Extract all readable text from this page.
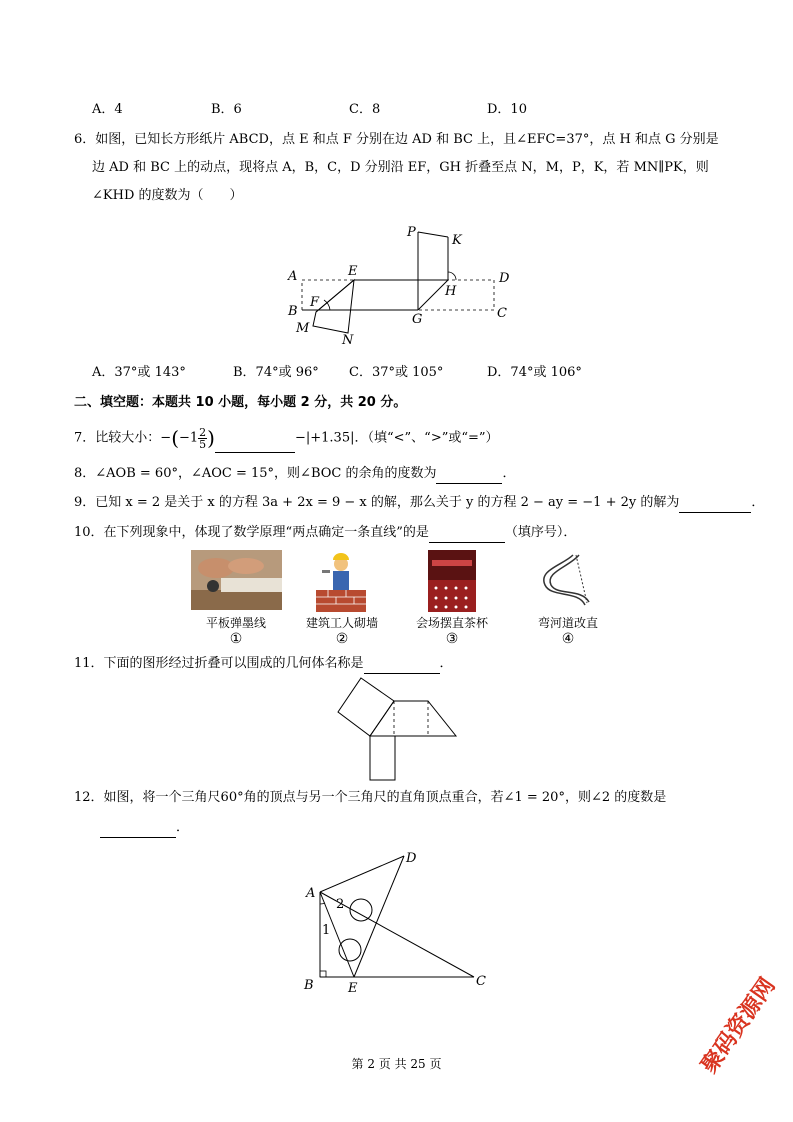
A．4	B．6	C．8	D．10
6．如图，已知长方形纸片 ABCD，点 E 和点 F 分别在边 AD 和 BC 上，且∠EFC=37°，点 H 和点 G 分别是
边 AD 和 BC 上的动点，现将点 A，B，C，D 分别沿 EF，GH 折叠至点 N，M，P，K，若 MN∥PK，则
∠KHD 的度数为（　　）
P
K
A	E	D
H
B
F
G	C
M
N
A．37°或 143°	B．74°或 96° C．37°或 105°	D．74°或 106°
二、填空题：本题共 10 小题，每小题 2 分，共 20 分。
7．比较大小：$-(-1 \frac{2}{5}$ )	−|+1.35|．（填“<”、“>”或“=”）
8．∠AOB = 60°，∠AOC = 15°，则∠BOC 的余角的度数为	．
9．已知 x = 2 是关于 x 的方程 3a + 2x = 9 − x 的解，那么关于 y 的方程 2 − ay = −1 + 2y 的解为	．
10．在下列现象中，体现了数学原理“两点确定一条直线”的是	（填序号）．
平板弹墨线	建筑工人砌墙	会场摆直茶杯	弯河道改直
①	②	③	④
11．下面的图形经过折叠可以围成的几何体名称是	．
12．如图，将一个三角尺60°角的顶点与另一个三角尺的直角顶点重合，若∠1 = 20°，则∠2 的度数是
．
A
D
2
1
B	E	C
第 2 页 共 25 页	聚码资源网
